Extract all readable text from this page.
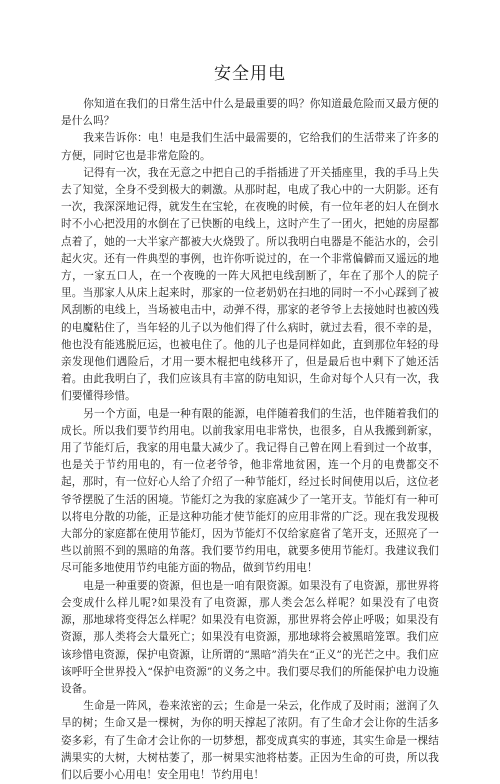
安全用电

你知道在我们的日常生活中什么是最重要的吗？你知道最危险而又最方便的是什么吗？

我来告诉你：电！电是我们生活中最需要的，它给我们的生活带来了许多的方便，同时它也是非常危险的。

记得有一次，我在无意之中把自己的手指插进了开关插座里，我的手马上失去了知觉，全身不受到极大的刺激。从那时起，电成了我心中的一大阴影。还有一次，我深深地记得，就发生在宝轮，在夜晚的时候，有一位年老的妇人在倒水时不小心把没用的水倒在了已快断的电线上，这时产生了一团火，把她的房屋都点着了，她的一大半家产都被大火烧毁了。所以我明白电器是不能沾水的，会引起火灾。还有一件典型的事例，也许你听说过的，在一个非常偏僻而又遥远的地方，一家五口人，在一个夜晚的一阵大风把电线刮断了，年在了那个人的院子里。当那家人从床上起来时，那家的一位老奶奶在扫地的同时一不小心踩到了被风刮断的电线上，当场被电击中，动弹不得，那家的老爷爷上去接她时也被凶残的电魔粘住了，当年轻的儿子以为他们得了什么病时，就过去看，很不幸的是，他也没有能逃脱厄运，也被电住了。他的儿子也是同样如此，直到那位年轻的母亲发现他们遇险后，才用一要木棍把电线移开了，但是最后也中剩下了她还活着。由此我明白了，我们应该具有丰富的防电知识，生命对每个人只有一次，我们要懂得珍惜。

另一个方面，电是一种有限的能源，电伴随着我们的生活，也伴随着我们的成长。所以我们要节约用电。以前我家用电非常快，也很多，自从我搬到新家，用了节能灯后，我家的用电量大减少了。我记得自己曾在网上看到过一个故事，也是关于节约用电的，有一位老爷爷，他非常地贫困，连一个月的电费都交不起，那时，有一位好心人给了介绍了一种节能灯，经过长时间使用以后，这位老爷爷摆脱了生活的困境。节能灯之为我的家庭减少了一笔开支。节能灯有一种可以将电分散的功能，正是这种功能才使节能灯的应用非常的广泛。现在我发现极大部分的家庭都在使用节能灯，因为节能灯不仅给家庭省了笔开支，还照亮了一些以前照不到的黑暗的角落。我们要节约用电，就要多使用节能灯。我建议我们尽可能多地使用节约电能方面的物品，做到节约用电！

电是一种重要的资源，但也是一咱有限资源。如果没有了电资源，那世界将会变成什么样儿呢?如果没有了电资源，那人类会怎么样呢？如果没有了电资源，那地球将变得怎么样呢？如果没有电资源，那世界将会停止呼吸；如果没有资源，那人类将会大量死亡；如果没有电资源，那地球将会被黑暗笼罩。我们应该珍惜电资源，保护电资源，让所谓的“黑暗”消失在“正义”的光芒之中。我们应该呼吁全世界投入“保护电资源”的义务之中。我们要尽我们的所能保护电力设施设备。

生命是一阵风，卷来浓密的云；生命是一朵云，化作成了及时雨；滋润了久旱的树；生命又是一棵树，为你的明天撑起了浓阴。有了生命才会让你的生活多姿多彩，有了生命才会让你的一切梦想，都变成真实的事迹，其实生命是一棵结满果实的大树，大树枯萎了，那一树果实池将枯萎。正因为生命的可贵，所以我们以后要小心用电！安全用电！节约用电！
